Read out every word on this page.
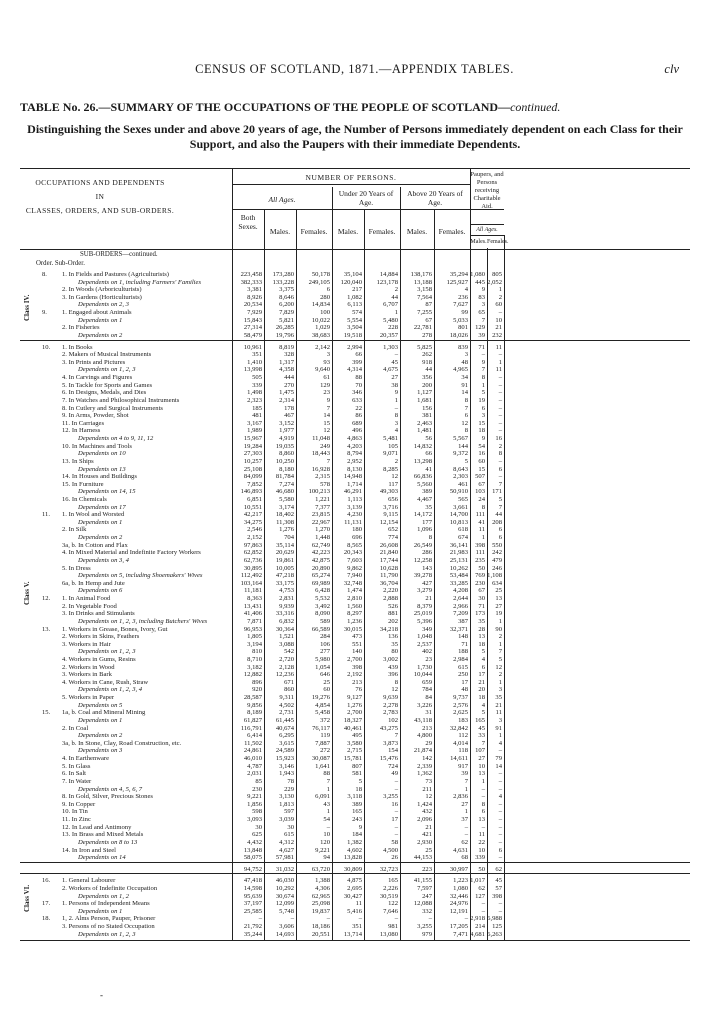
CENSUS OF SCOTLAND, 1871.—APPENDIX TABLES.	clv
TABLE No. 26.—SUMMARY OF THE OCCUPATIONS OF THE PEOPLE OF SCOTLAND—continued.
Distinguishing the Sexes under and above 20 years of age, the Number of Persons immediately dependent on each Class for their Support, and also the Paupers with their immediate Dependents.
NUMBER OF PERSONS.
All Ages.
Under 20 Years of Age.
Above 20 Years of Age.
Both Sexes.
Males.	Females.	Males.	Females.	Males.	Females.
Paupers, and Persons receiving Charitable Aid.
All Ages.
Males. Females.
OCCUPATIONS AND DEPENDENTS
IN
CLASSES, ORDERS, AND SUB-ORDERS.
SUB-ORDERS—continued.
Order. Sub-Order.
Class IV.
Class V.
Class VI.
8. 1. In Fields and Pastures (Agriculturists)	223,458	173,280	50,178	35,104	14,884	138,176	35,294 1,080	805
Dependents on 1, including Farmers' Families	382,333	133,228	249,105	120,040	123,178	13,188	125,927	445 2,052
2. In Woods (Arboriculturists)	3,381	3,375	6	217	2	3,158	4	9	1
3. In Gardens (Horticulturists)	8,926	8,646	280	1,082	44	7,564	236	83	2
Dependents on 2, 3	20,534	6,200	14,834	6,113	6,707	87	7,627	3	60
9. 1. Engaged about Animals	7,929	7,829	100	574	1	7,255	99	65	–
Dependents on 1	15,843	5,821	10,022	5,554	5,480	67	5,033	7	10
2. In Fisheries	27,314	26,285	1,029	3,504	228	22,781	801	129	21
Dependents on 2	58,479	19,796	38,683	19,518	20,357	278	18,026	39	232
10. 1. In Books	10,961	8,819	2,142	2,994	1,303	5,825	839	71	11
2. Makers of Musical Instruments	351	328	3	66	–	262	3	–	–
3. In Prints and Pictures	1,410	1,317	93	399	45	918	48	9	1
Dependents on 1, 2, 3	13,998	4,358	9,640	4,314	4,675	44	4,965	7	11
4. In Carvings and Figures	505	444	61	88	27	356	34	8	–
5. In Tackle for Sports and Games	339	270	129	70	38	200	91	1	–
6. In Designs, Medals, and Dies	1,498	1,475	23	346	9	1,127	14	5	–
7. In Watches and Philosophical Instruments	2,323	2,314	9	633	1	1,681	8	19	–
8. In Cutlery and Surgical Instruments	185	178	7	22	–	156	7	6	–
9. In Arms, Powder, Shot	481	467	14	86	8	381	6	3	–
11. In Carriages	3,167	3,152	15	689	3	2,463	12	15	–
12. In Harness	1,989	1,977	12	496	4	1,481	8	18	–
Dependents on 4 to 9, 11, 12	15,967	4,919	11,048	4,863	5,481	56	5,567	9	16
10. In Machines and Tools	19,284	19,035	249	4,203	105	14,832	144	54	2
Dependents on 10	27,303	8,860	18,443	8,794	9,071	66	9,372	16	8
13. In Ships	10,257	10,250	7	2,952	2	13,298	5	60	–
Dependents on 13	25,108	8,180	16,928	8,130	8,285	41	8,643	15	6
14. In Houses and Buildings	84,099	81,784	2,315	14,948	12	66,836	2,303	507	–
15. In Furniture	7,852	7,274	578	1,714	117	5,560	461	67	7
Dependents on 14, 15	146,893	46,680	100,213	46,291	49,303	389	50,910	103	171
16. In Chemicals	6,851	5,580	1,221	1,113	656	4,467	565	24	5
Dependents on 17	10,551	3,174	7,377	3,139	3,716	35	3,661	8	7
11. 1. In Wool and Worsted	42,217	18,402	23,815	4,230	9,115	14,172	14,700	111	44
Dependents on 1	34,275	11,308	22,967	11,131	12,154	177	10,813	41	208
2. In Silk	2,546	1,276	1,270	180	652	1,096	618	11	6
Dependents on 2	2,152	704	1,448	696	774	8	674	1	6
3a, b. In Cotton and Flax	97,863	35,114	62,749	8,565	26,608	26,549	36,141	398	550
4. In Mixed Material and Indefinite Factory Workers	62,852	20,629	42,223	20,343	21,840	286	21,983	111	242
Dependents on 3, 4	62,736	19,861	42,875	7,603	17,744	12,258	25,131	235	479
5. In Dress	30,895	10,005	20,890	9,862	10,628	143	10,262	50	246
Dependents on 5, including Shoemakers' Wives	112,492	47,218	65,274	7,940	11,790	39,278	53,484	769 1,108
6a, b. In Hemp and Jute	103,164	33,175	69,989	32,748	36,704	427	33,285	230	634
Dependents on 6	11,181	4,753	6,428	1,474	2,220	3,279	4,208	67	25
12. 1. In Animal Food	8,363	2,831	5,532	2,810	2,888	21	2,644	30	13
2. In Vegetable Food	13,431	9,939	3,492	1,560	526	8,379	2,966	71	27
3. In Drinks and Stimulants	41,406	33,316	8,090	8,297	881	25,019	7,209	173	19
Dependents on 1, 2, 3, including Butchers' Wives	7,871	6,832	589	1,236	202	5,396	387	35	1
13. 1. Workers in Grease, Bones, Ivory, Gut	96,953	30,364	66,589	30,015	34,218	349	32,371	28	90
2. Workers in Skins, Feathers	1,805	1,521	284	473	136	1,048	148	13	2
3. Workers in Hair	3,194	3,088	106	551	35	2,537	71	18	1
Dependents on 1, 2, 3	810	542	277	140	80	402	188	5	7
4. Workers in Gums, Resins	8,710	2,720	5,980	2,700	3,002	23	2,984	4	5
2. Workers in Wood	3,182	2,128	1,054	398	439	1,730	615	6	12
3. Workers in Bark	12,882	12,236	646	2,192	396	10,044	250	17	2
4. Workers in Cane, Rush, Straw	896	671	25	213	8	659	17	21	1
Dependents on 1, 2, 3, 4	920	860	60	76	12	784	48	20	3
5. Workers in Paper	28,587	9,311	19,276	9,127	9,639	84	9,737	18	35
Dependents on 5	9,856	4,502	4,854	1,276	2,278	3,226	2,576	4	21
15. 1a, b. Coal and Mineral Mining	8,189	2,731	5,458	2,700	2,783	31	2,625	5	11
Dependents on 1	61,827	61,445	372	18,327	102	43,118	183	165	3
2. In Coal	116,791	40,674	76,117	40,461	43,275	213	32,842	45	91
Dependents on 2	6,414	6,295	119	495	7	4,800	112	33	1
3a, b. In Stone, Clay, Road Construction, etc.	11,502	3,615	7,887	3,580	3,873	29	4,014	7	4
Dependents on 3	24,861	24,589	272	2,715	154	21,874	118	107	–
4. In Earthenware	46,010	15,923	30,087	15,781	15,476	142	14,611	27	79
5. In Glass	4,787	3,146	1,641	807	724	2,339	917	10	14
6. In Salt	2,031	1,943	88	581	49	1,362	39	13	–
7. In Water	85	78	7	5	–	73	7	1	–
Dependents on 4, 5, 6, 7	230	229	1	18	–	211	1	–	–
8. In Gold, Silver, Precious Stones	9,221	3,130	6,091	3,118	3,255	12	2,836	–	4
9. In Copper	1,856	1,813	43	389	16	1,424	27	8	–
10. In Tin	598	597	1	165	–	432	1	6	–
11. In Zinc	3,093	3,039	54	243	17	2,096	37	13	–
12. In Lead and Antimony	30	30	–	9	–	21	–	–	–
13. In Brass and Mixed Metals	625	615	10	184	–	421	–	11	–
Dependents on 8 to 13	4,432	4,312	120	1,382	58	2,930	62	22	–
14. In Iron and Steel	13,848	4,627	9,221	4,602	4,500	25	4,631	10	6
Dependents on 14	58,075	57,981	94	13,828	26	44,153	68	339	–
94,752	31,032	63,720	30,809	32,723	223	30,997	50	62
16. 1. General Labourer	47,418	46,030	1,388	4,875	165	41,155	1,223 1,017	45
2. Workers of Indefinite Occupation	14,598	10,292	4,306	2,695	2,226	7,597	1,080	62	57
Dependents on 1, 2	95,639	30,674	62,965	30,427	30,519	247	32,446	127	398
17. 1. Persons of Independent Means	37,197	12,099	25,098	11	122	12,088	24,976	–	–
Dependents on 1	25,585	5,748	19,837	5,416	7,646	332	12,191	–	–
18. 1, 2. Alms Person, Pauper, Prisoner	–	–	–	–	–	–	– 2,918 6,988
3. Persons of no Stated Occupation	21,792	3,606	18,186	351	981	3,255	17,205	214	125
Dependents on 1, 2, 3	35,244	14,693	20,551	13,714	13,080	979	7,471 4,681 6,263
-
